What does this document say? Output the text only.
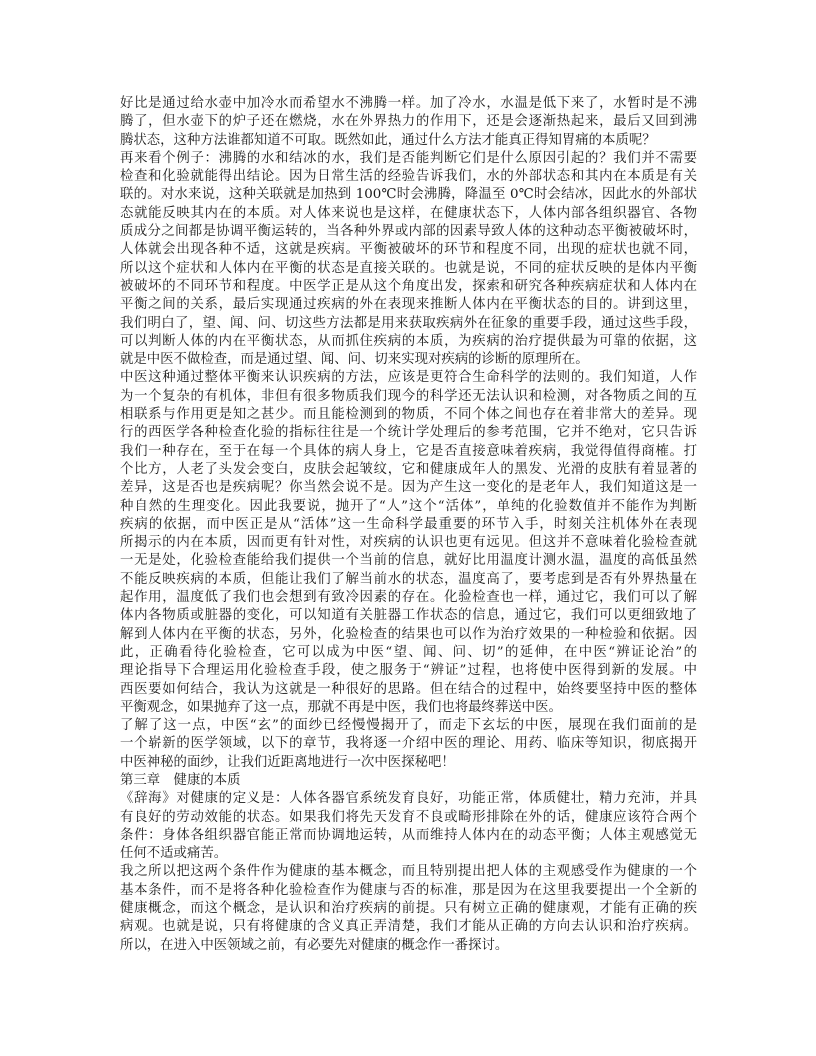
好比是通过给水壶中加冷水而希望水不沸腾一样。加了冷水，水温是低下来了，水暂时是不沸
腾了，但水壶下的炉子还在燃烧，水在外界热力的作用下，还是会逐渐热起来，最后又回到沸
腾状态，这种方法谁都知道不可取。既然如此，通过什么方法才能真正得知胃痛的本质呢？
再来看个例子：沸腾的水和结冰的水，我们是否能判断它们是什么原因引起的？我们并不需要
检查和化验就能得出结论。因为日常生活的经验告诉我们，水的外部状态和其内在本质是有关
联的。对水来说，这种关联就是加热到 100℃时会沸腾，降温至 0℃时会结冰，因此水的外部状
态就能反映其内在的本质。对人体来说也是这样，在健康状态下，人体内部各组织器官、各物
质成分之间都是协调平衡运转的，当各种外界或内部的因素导致人体的这种动态平衡被破坏时，
人体就会出现各种不适，这就是疾病。平衡被破坏的环节和程度不同，出现的症状也就不同，
所以这个症状和人体内在平衡的状态是直接关联的。也就是说，不同的症状反映的是体内平衡
被破坏的不同环节和程度。中医学正是从这个角度出发，探索和研究各种疾病症状和人体内在
平衡之间的关系，最后实现通过疾病的外在表现来推断人体内在平衡状态的目的。讲到这里，
我们明白了，望、闻、问、切这些方法都是用来获取疾病外在征象的重要手段，通过这些手段，
可以判断人体的内在平衡状态，从而抓住疾病的本质，为疾病的治疗提供最为可靠的依据，这
就是中医不做检查，而是通过望、闻、问、切来实现对疾病的诊断的原理所在。
中医这种通过整体平衡来认识疾病的方法，应该是更符合生命科学的法则的。我们知道，人作
为一个复杂的有机体，非但有很多物质我们现今的科学还无法认识和检测，对各物质之间的互
相联系与作用更是知之甚少。而且能检测到的物质，不同个体之间也存在着非常大的差异。现
行的西医学各种检查化验的指标往往是一个统计学处理后的参考范围，它并不绝对，它只告诉
我们一种存在，至于在每一个具体的病人身上，它是否直接意味着疾病，我觉得值得商榷。打
个比方，人老了头发会变白，皮肤会起皱纹，它和健康成年人的黑发、光滑的皮肤有着显著的
差异，这是否也是疾病呢？你当然会说不是。因为产生这一变化的是老年人，我们知道这是一
种自然的生理变化。因此我要说，抛开了“人”这个“活体”，单纯的化验数值并不能作为判断
疾病的依据，而中医正是从“活体”这一生命科学最重要的环节入手，时刻关注机体外在表现
所揭示的内在本质，因而更有针对性，对疾病的认识也更有远见。但这并不意味着化验检查就
一无是处，化验检查能给我们提供一个当前的信息，就好比用温度计测水温，温度的高低虽然
不能反映疾病的本质，但能让我们了解当前水的状态，温度高了，要考虑到是否有外界热量在
起作用，温度低了我们也会想到有致冷因素的存在。化验检查也一样，通过它，我们可以了解
体内各物质或脏器的变化，可以知道有关脏器工作状态的信息，通过它，我们可以更细致地了
解到人体内在平衡的状态，另外，化验检查的结果也可以作为治疗效果的一种检验和依据。因
此，正确看待化验检查，它可以成为中医“望、闻、问、切”的延伸，在中医“辨证论治”的
理论指导下合理运用化验检查手段，使之服务于“辨证”过程，也将使中医得到新的发展。中
西医要如何结合，我认为这就是一种很好的思路。但在结合的过程中，始终要坚持中医的整体
平衡观念，如果抛弃了这一点，那就不再是中医，我们也将最终葬送中医。
了解了这一点，中医“玄”的面纱已经慢慢揭开了，而走下玄坛的中医，展现在我们面前的是
一个崭新的医学领域，以下的章节，我将逐一介绍中医的理论、用药、临床等知识，彻底揭开
中医神秘的面纱，让我们近距离地进行一次中医探秘吧！
第三章　健康的本质
《辞海》对健康的定义是：人体各器官系统发育良好，功能正常，体质健壮，精力充沛，并具
有良好的劳动效能的状态。如果我们将先天发育不良或畸形排除在外的话，健康应该符合两个
条件：身体各组织器官能正常而协调地运转，从而维持人体内在的动态平衡；人体主观感觉无
任何不适或痛苦。
我之所以把这两个条件作为健康的基本概念，而且特别提出把人体的主观感受作为健康的一个
基本条件，而不是将各种化验检查作为健康与否的标准，那是因为在这里我要提出一个全新的
健康概念，而这个概念，是认识和治疗疾病的前提。只有树立正确的健康观，才能有正确的疾
病观。也就是说，只有将健康的含义真正弄清楚，我们才能从正确的方向去认识和治疗疾病。
所以，在进入中医领域之前，有必要先对健康的概念作一番探讨。
